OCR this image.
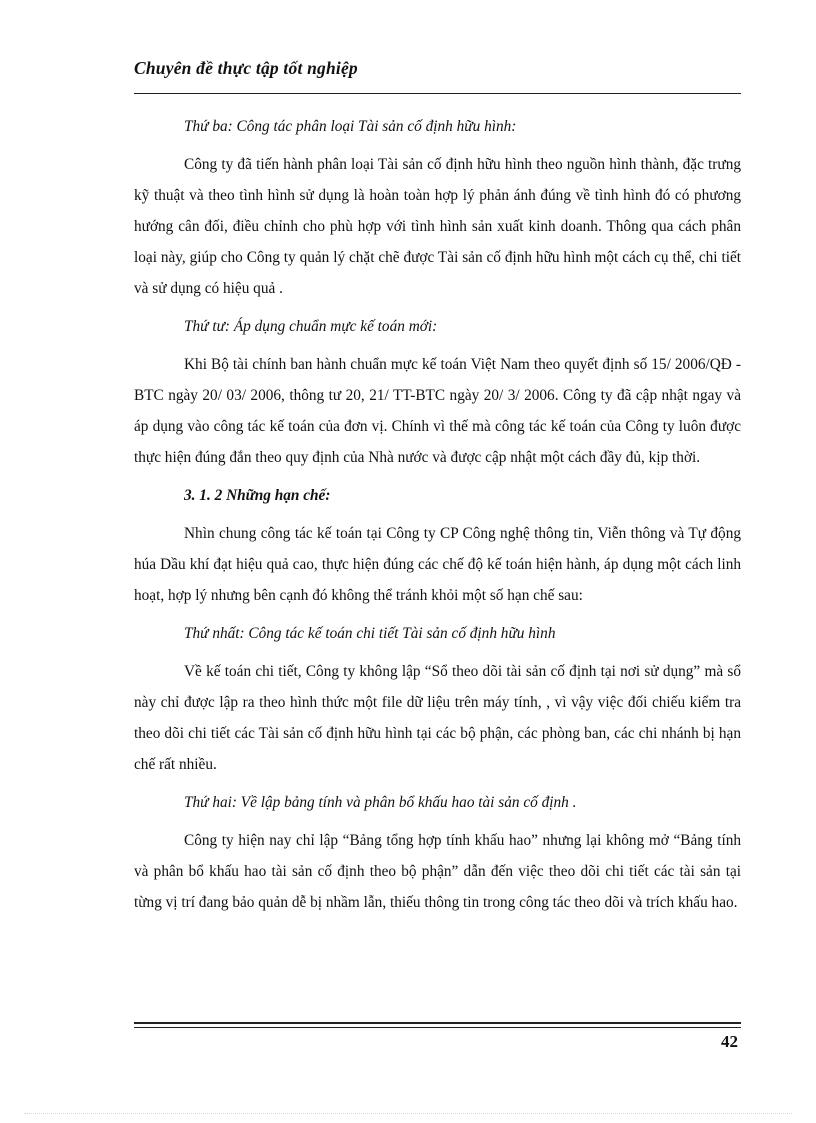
Chuyên đề thực tập tốt nghiệp

Thứ ba: Công tác phân loại Tài sản cố định hữu hình:

Công ty đã tiến hành phân loại Tài sản cố định hữu hình theo nguồn hình thành, đặc trưng kỹ thuật và theo tình hình sử dụng là hoàn toàn hợp lý phản ánh đúng về tình hình đó có phương hướng cân đối, điều chỉnh cho phù hợp với tình hình sản xuất kinh doanh. Thông qua cách phân loại này, giúp cho Công ty quản lý chặt chẽ được Tài sản cố định hữu hình một cách cụ thể, chi tiết và sử dụng có hiệu quả .

Thứ tư: Áp dụng chuẩn mực kế toán mới:

Khi Bộ tài chính ban hành chuẩn mực kế toán Việt Nam theo quyết định số 15/ 2006/QĐ - BTC ngày 20/ 03/ 2006, thông tư 20, 21/ TT-BTC ngày 20/ 3/ 2006. Công ty đã cập nhật ngay và áp dụng vào công tác kế toán của đơn vị. Chính vì thế mà công tác kế toán của Công ty luôn được thực hiện đúng đắn theo quy định của Nhà nước và được cập nhật một cách đầy đủ, kịp thời.

3. 1. 2 Những hạn chế:

Nhìn chung công tác kế toán tại Công ty CP Công nghệ thông tin, Viễn thông và Tự động húa Dầu khí đạt hiệu quả cao, thực hiện đúng các chế độ kế toán hiện hành, áp dụng một cách linh hoạt, hợp lý nhưng bên cạnh đó không thể tránh khỏi một số hạn chế sau:

Thứ nhất: Công tác kế toán chi tiết Tài sản cố định hữu hình

Về kế toán chi tiết, Công ty không lập “Sổ theo dõi tài sản cố định tại nơi sử dụng” mà sổ này chỉ được lập ra theo hình thức một file dữ liệu trên máy tính, , vì vậy việc đối chiếu kiểm tra theo dõi chi tiết các Tài sản cố định hữu hình tại các bộ phận, các phòng ban, các chi nhánh bị hạn chế rất nhiều.

Thứ hai: Về lập bảng tính và phân bổ khấu hao tài sản cố định .

Công ty hiện nay chỉ lập “Bảng tổng hợp tính khấu hao” nhưng lại không mở “Bảng tính và phân bổ khấu hao tài sản cố định theo bộ phận” dẫn đến việc theo dõi chi tiết các tài sản tại từng vị trí đang bảo quản dễ bị nhầm lẫn, thiếu thông tin trong công tác theo dõi và trích khấu hao.

42
